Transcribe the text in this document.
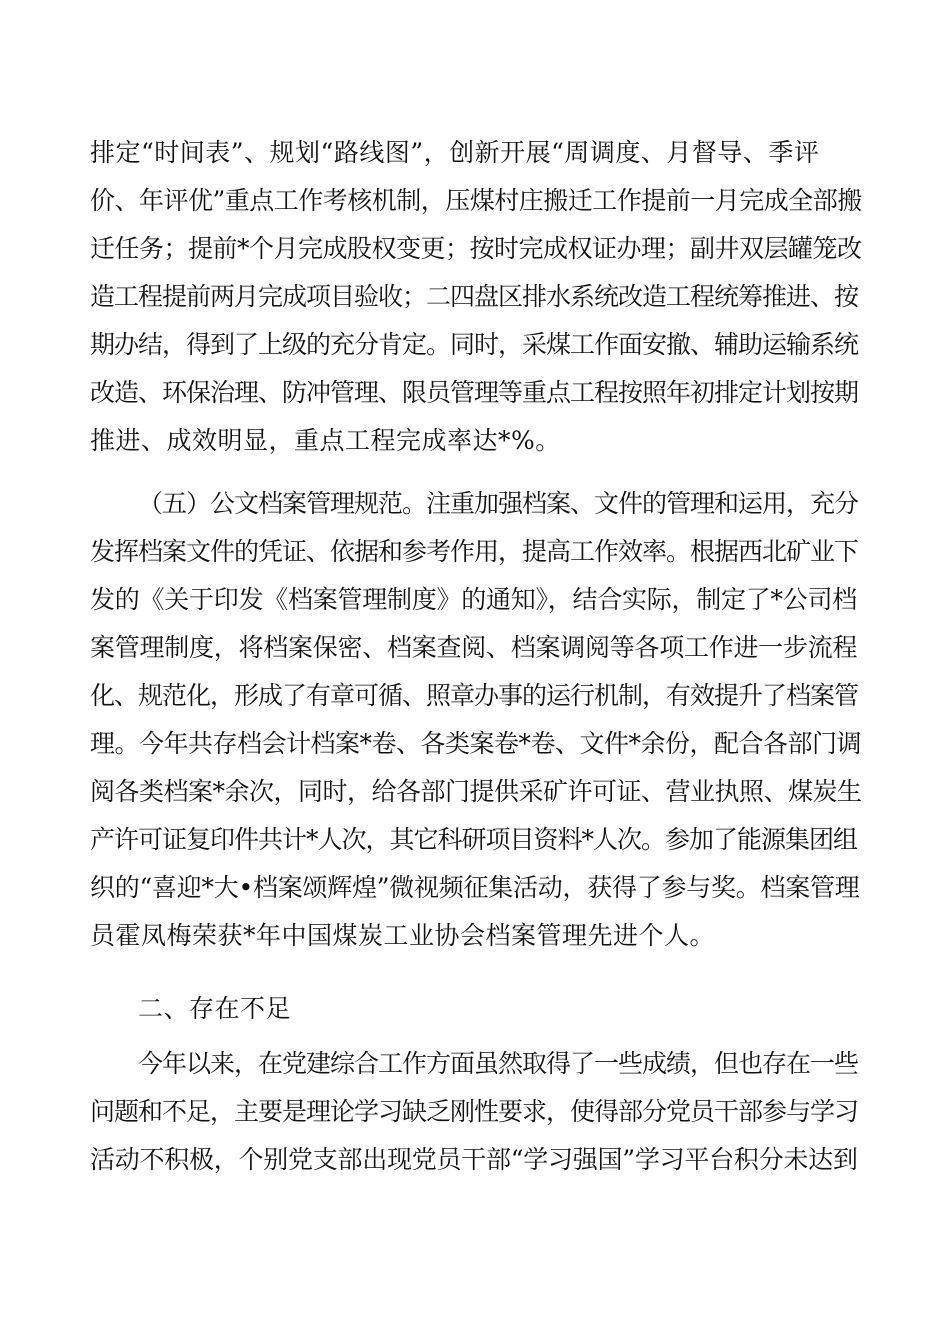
排定“时间表”、规划“路线图”，创新开展“周调度、月督导、季评

价、年评优”重点工作考核机制，压煤村庄搬迁工作提前一月完成全部搬

迁任务；提前*个月完成股权变更；按时完成权证办理；副井双层罐笼改

造工程提前两月完成项目验收；二四盘区排水系统改造工程统筹推进、按

期办结，得到了上级的充分肯定。同时，采煤工作面安撤、辅助运输系统

改造、环保治理、防冲管理、限员管理等重点工程按照年初排定计划按期

推进、成效明显，重点工程完成率达*%。

（五）公文档案管理规范。注重加强档案、文件的管理和运用，充分

发挥档案文件的凭证、依据和参考作用，提高工作效率。根据西北矿业下

发的《关于印发《档案管理制度》的通知》，结合实际，制定了*公司档

案管理制度，将档案保密、档案查阅、档案调阅等各项工作进一步流程

化、规范化，形成了有章可循、照章办事的运行机制，有效提升了档案管

理。今年共存档会计档案*卷、各类案卷*卷、文件*余份，配合各部门调

阅各类档案*余次，同时，给各部门提供采矿许可证、营业执照、煤炭生

产许可证复印件共计*人次，其它科研项目资料*人次。参加了能源集团组

织的“喜迎*大•档案颂辉煌”微视频征集活动，获得了参与奖。档案管理

员霍凤梅荣获*年中国煤炭工业协会档案管理先进个人。

二、存在不足

今年以来，在党建综合工作方面虽然取得了一些成绩，但也存在一些

问题和不足，主要是理论学习缺乏刚性要求，使得部分党员干部参与学习

活动不积极，个别党支部出现党员干部“学习强国”学习平台积分未达到
